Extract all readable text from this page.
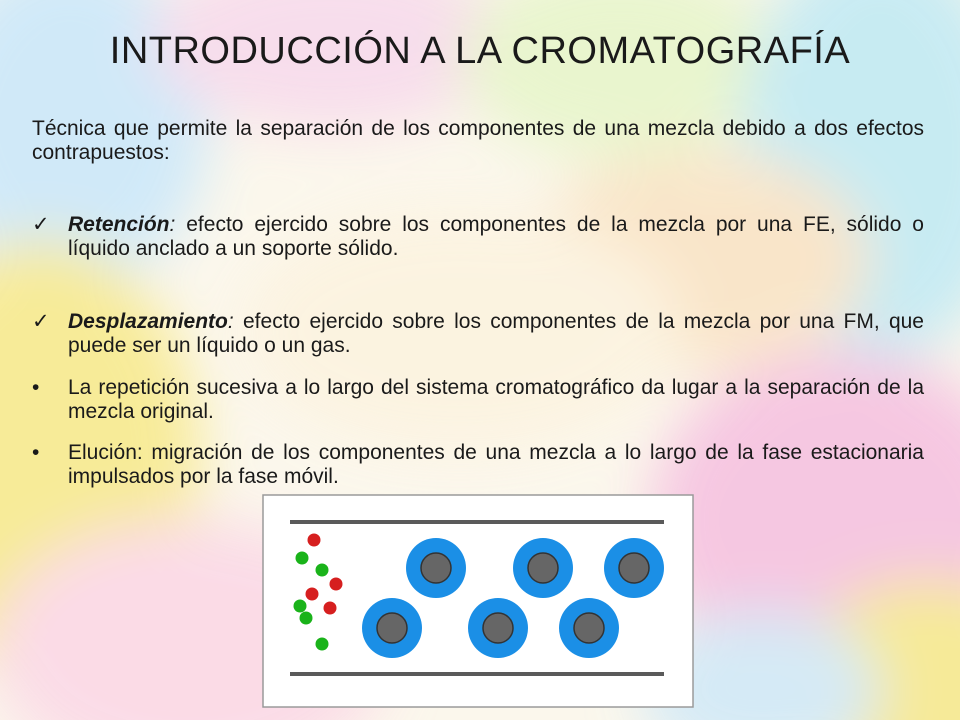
INTRODUCCIÓN A LA CROMATOGRAFÍA
Técnica que permite la separación de los componentes de una mezcla debido a dos efectos contrapuestos:
✓ Retención: efecto ejercido sobre los componentes de la mezcla por una FE, sólido o líquido anclado a un soporte sólido.
✓ Desplazamiento: efecto ejercido sobre los componentes de la mezcla por una FM, que puede ser un líquido o un gas.
•	La repetición sucesiva a lo largo del sistema cromatográfico da lugar a la separación de la mezcla original.
•	Elución: migración de los componentes de una mezcla a lo largo de la fase estacionaria impulsados por la fase móvil.
